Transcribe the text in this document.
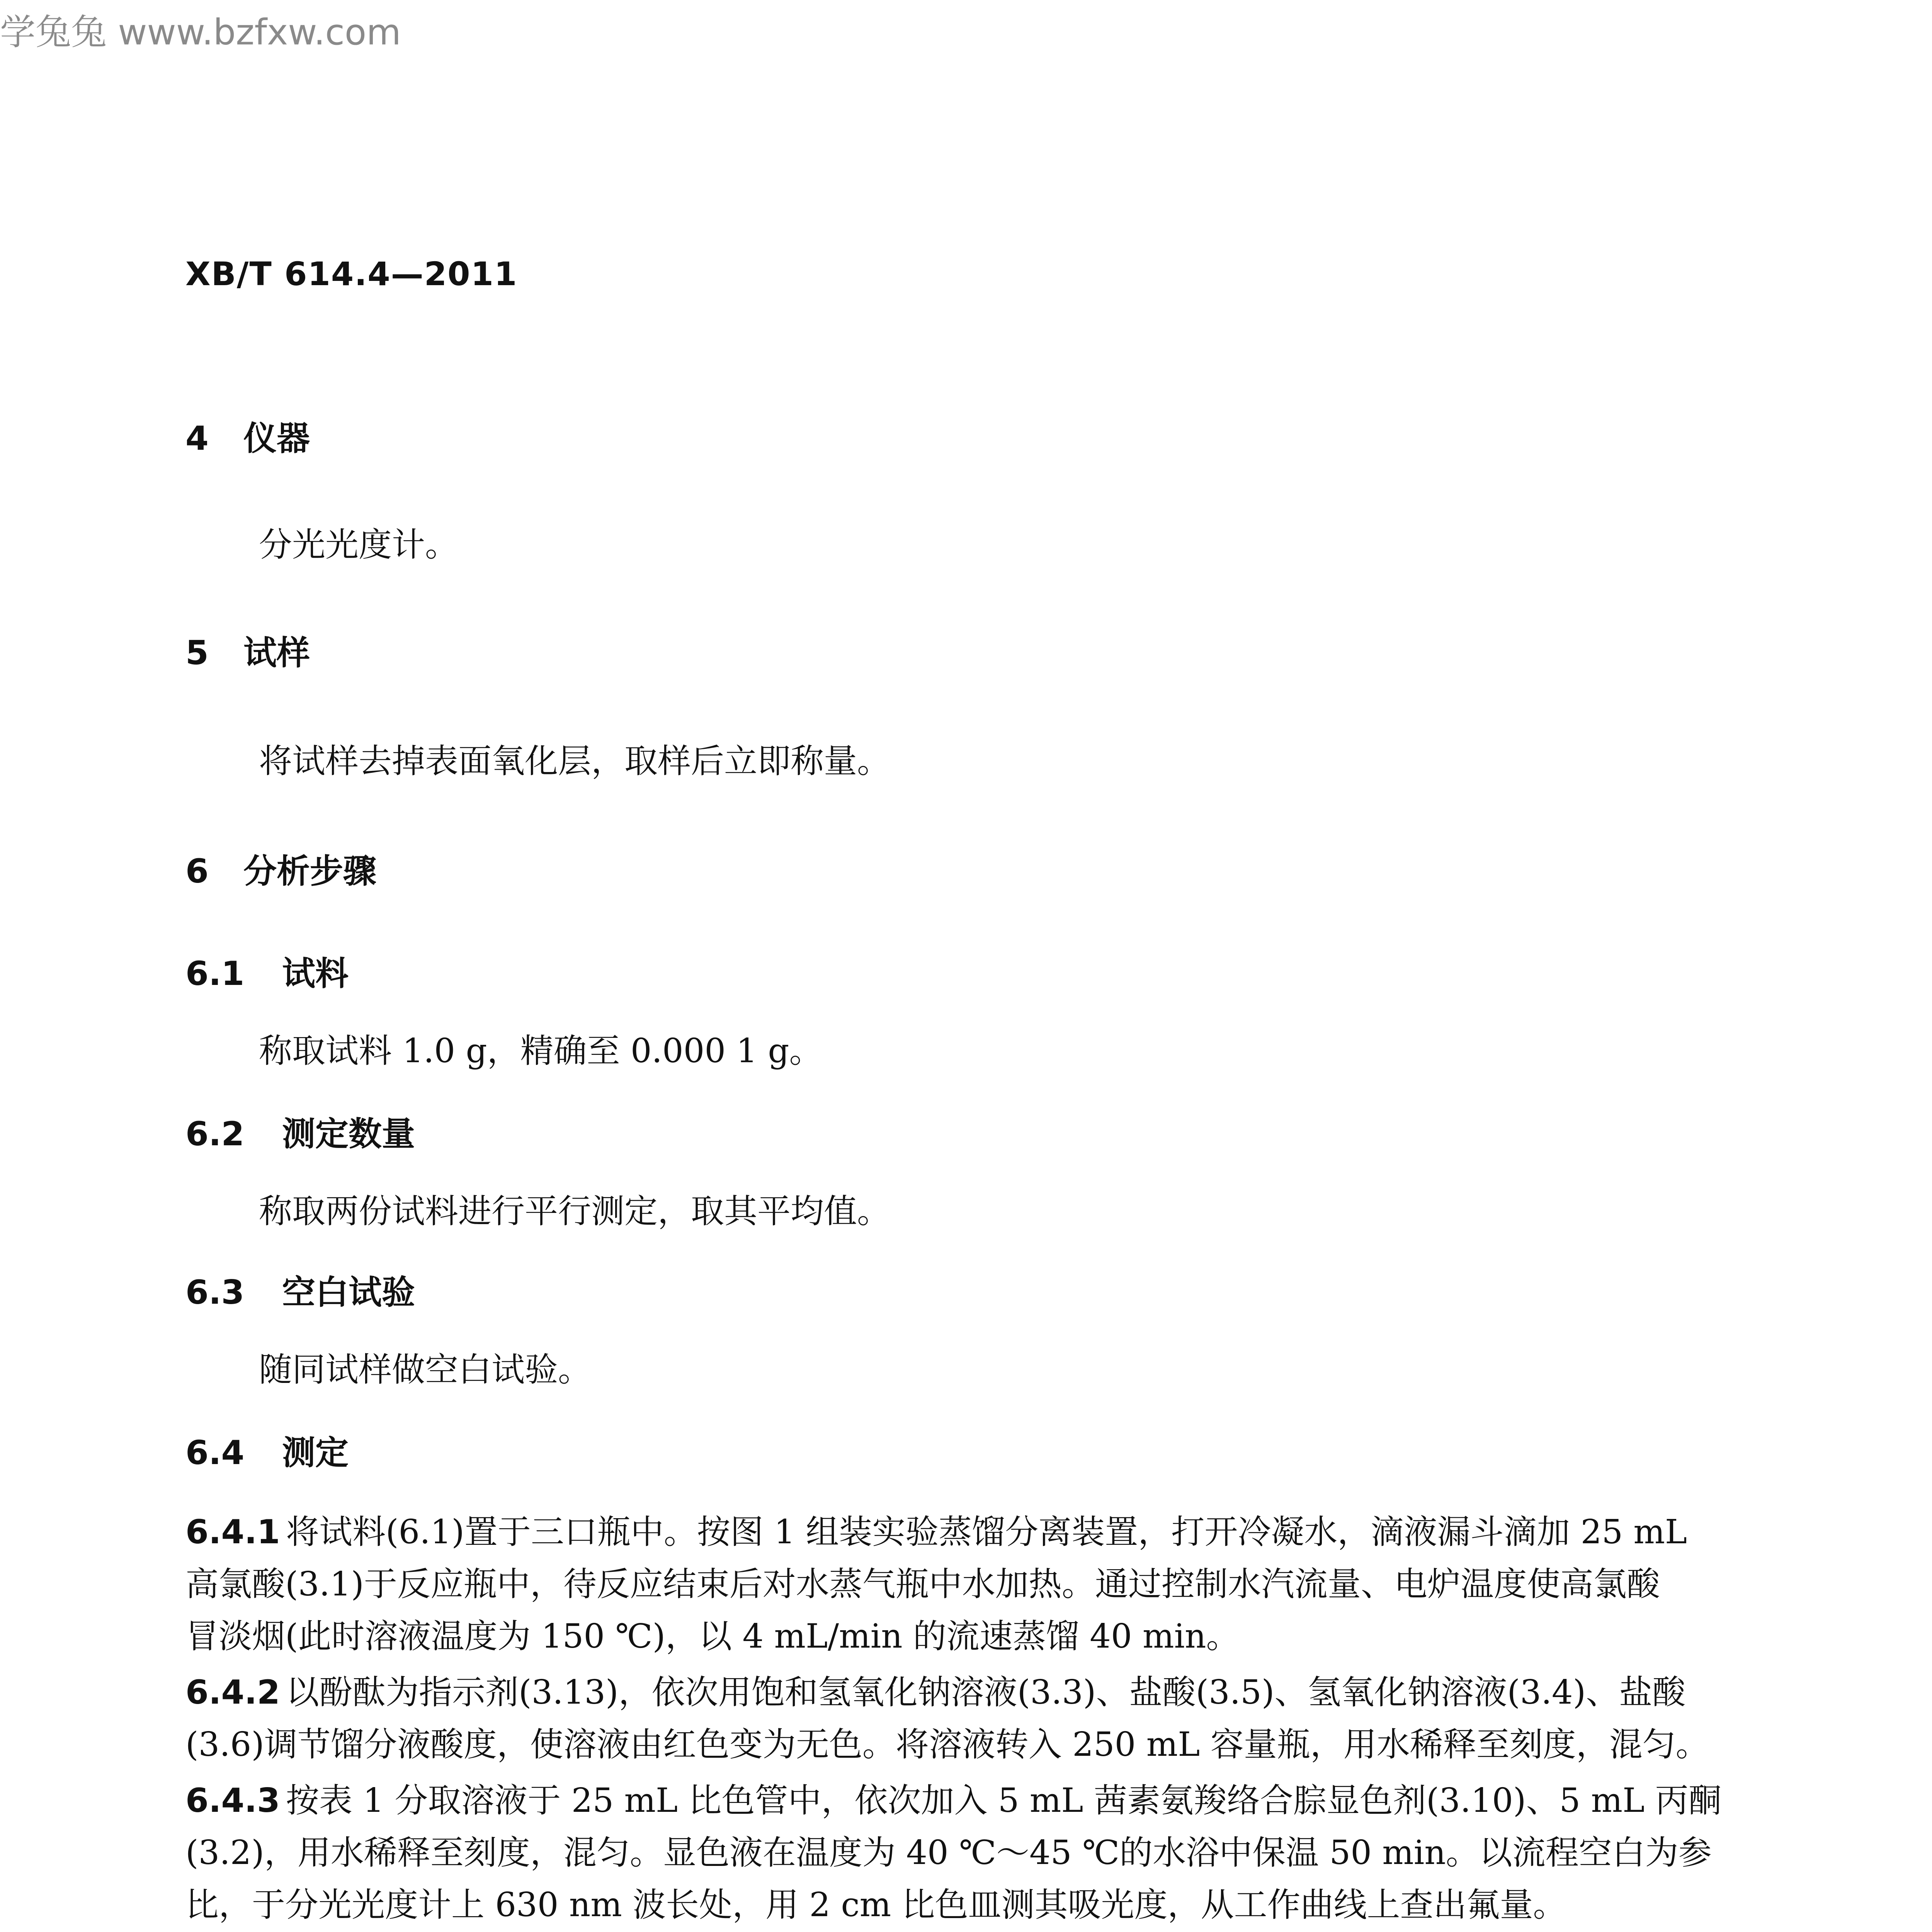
学兔兔 www.bzfxw.com
XB/T 614.4—2011
4 仪器
分光光度计。
5 试样
将试样去掉表面氧化层，取样后立即称量。
6 分析步骤
6.1 试料
称取试料 1.0 g，精确至 0.000 1 g。
6.2 测定数量
称取两份试料进行平行测定，取其平均值。
6.3 空白试验
随同试样做空白试验。
6.4 测定
6.4.1 将试料(6.1)置于三口瓶中。按图 1 组装实验蒸馏分离装置，打开冷凝水，滴液漏斗滴加 25 mL
高氯酸(3.1)于反应瓶中，待反应结束后对水蒸气瓶中水加热。通过控制水汽流量、电炉温度使高氯酸
冒淡烟(此时溶液温度为 150 ℃)，以 4 mL/min 的流速蒸馏 40 min。
6.4.2 以酚酞为指示剂(3.13)，依次用饱和氢氧化钠溶液(3.3)、盐酸(3.5)、氢氧化钠溶液(3.4)、盐酸
(3.6)调节馏分液酸度，使溶液由红色变为无色。将溶液转入 250 mL 容量瓶，用水稀释至刻度，混匀。
6.4.3 按表 1 分取溶液于 25 mL 比色管中，依次加入 5 mL 茜素氨羧络合腙显色剂(3.10)、5 mL 丙酮
(3.2)，用水稀释至刻度，混匀。显色液在温度为 40 ℃～45 ℃的水浴中保温 50 min。以流程空白为参
比，于分光光度计上 630 nm 波长处，用 2 cm 比色皿测其吸光度，从工作曲线上查出氟量。
